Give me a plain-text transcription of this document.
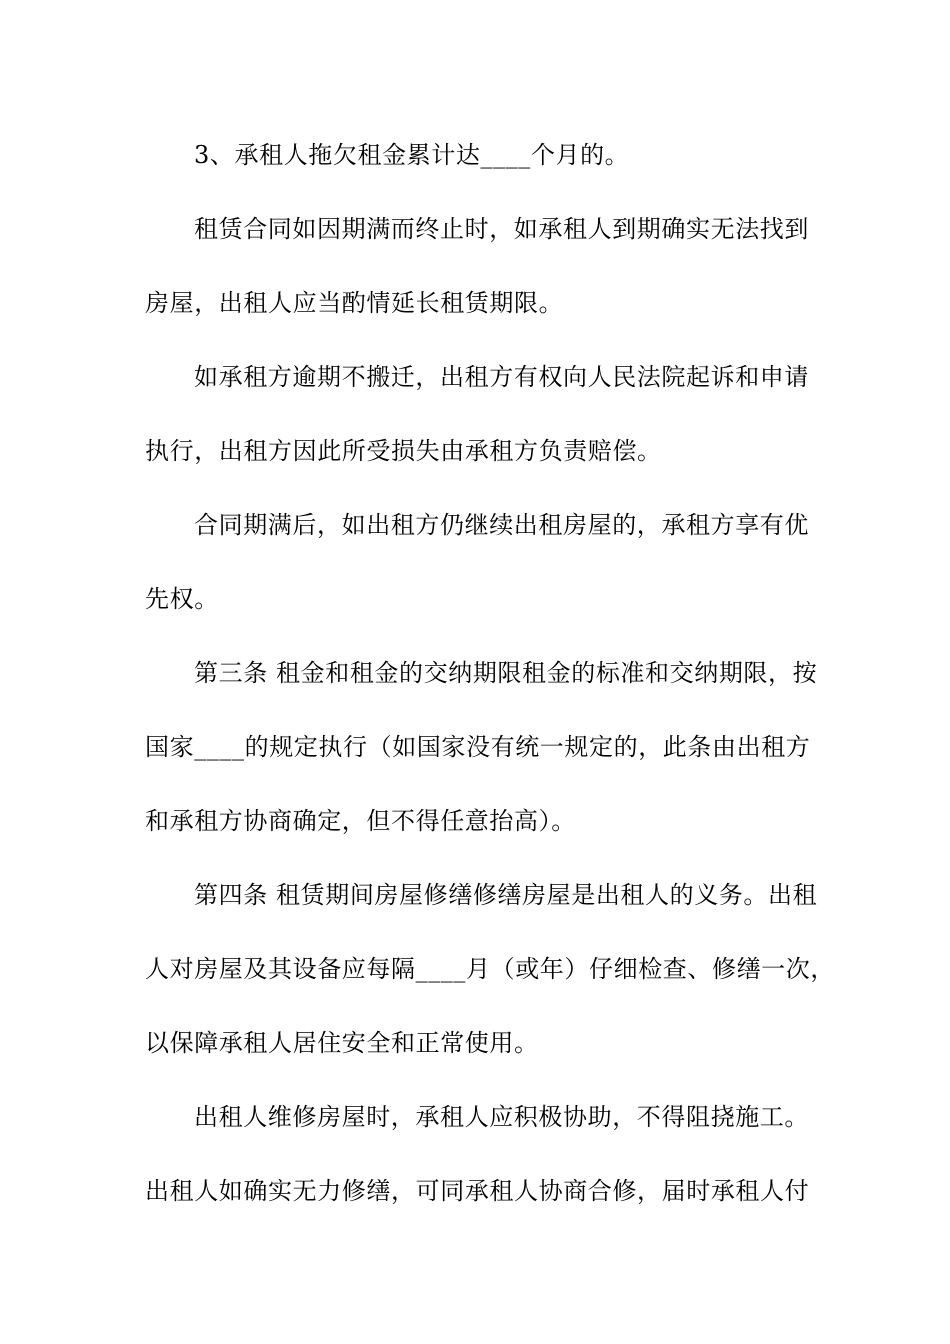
3、承租人拖欠租金累计达____个月的。
租赁合同如因期满而终止时，如承租人到期确实无法找到
房屋，出租人应当酌情延长租赁期限。
如承租方逾期不搬迁，出租方有权向人民法院起诉和申请
执行，出租方因此所受损失由承租方负责赔偿。
合同期满后，如出租方仍继续出租房屋的，承租方享有优
先权。
第三条 租金和租金的交纳期限租金的标准和交纳期限，按
国家____的规定执行（如国家没有统一规定的，此条由出租方
和承租方协商确定，但不得任意抬高）。
第四条 租赁期间房屋修缮修缮房屋是出租人的义务。出租
人对房屋及其设备应每隔____月（或年）仔细检查、修缮一次，
以保障承租人居住安全和正常使用。
出租人维修房屋时，承租人应积极协助，不得阻挠施工。
出租人如确实无力修缮，可同承租人协商合修，届时承租人付
